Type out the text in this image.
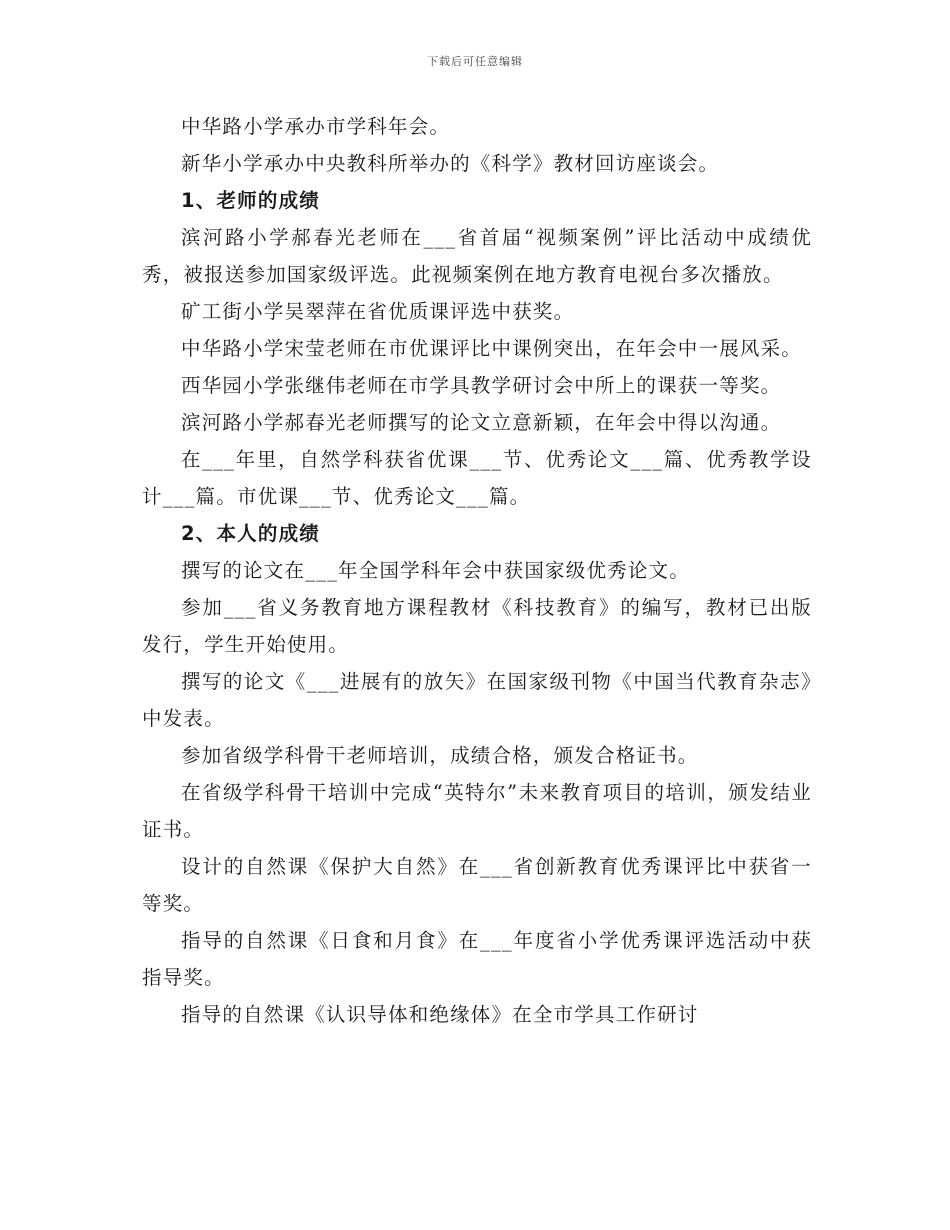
下载后可任意编辑

中华路小学承办市学科年会。

新华小学承办中央教科所举办的《科学》教材回访座谈会。

1、老师的成绩

滨河路小学郝春光老师在___省首届“视频案例”评比活动中成绩优秀，被报送参加国家级评选。此视频案例在地方教育电视台多次播放。

矿工街小学吴翠萍在省优质课评选中获奖。

中华路小学宋莹老师在市优课评比中课例突出，在年会中一展风采。

西华园小学张继伟老师在市学具教学研讨会中所上的课获一等奖。

滨河路小学郝春光老师撰写的论文立意新颖，在年会中得以沟通。

在___年里，自然学科获省优课___节、优秀论文___篇、优秀教学设计___篇。市优课___节、优秀论文___篇。

2、本人的成绩

撰写的论文在___年全国学科年会中获国家级优秀论文。

参加___省义务教育地方课程教材《科技教育》的编写，教材已出版发行，学生开始使用。

撰写的论文《___进展有的放矢》在国家级刊物《中国当代教育杂志》中发表。

参加省级学科骨干老师培训，成绩合格，颁发合格证书。

在省级学科骨干培训中完成“英特尔”未来教育项目的培训，颁发结业证书。

设计的自然课《保护大自然》在___省创新教育优秀课评比中获省一等奖。

指导的自然课《日食和月食》在___年度省小学优秀课评选活动中获指导奖。

指导的自然课《认识导体和绝缘体》在全市学具工作研讨
